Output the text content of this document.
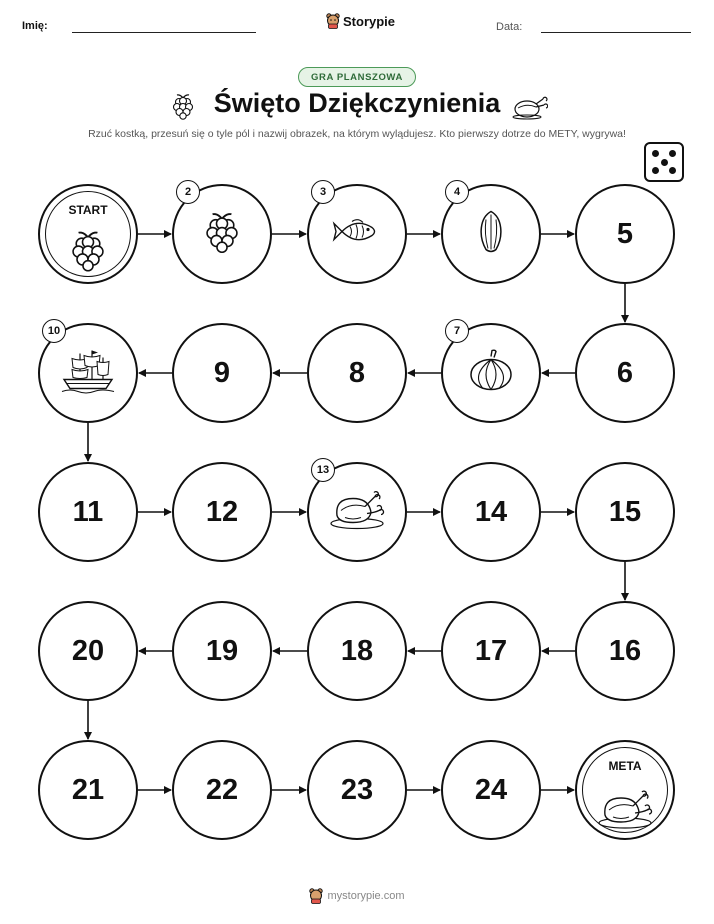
Imię:	Storypie	Data:
GRA PLANSZOWA
Święto Dziękczynienia
Rzuć kostką, przesuń się o tyle pól i nazwij obrazek, na którym wylądujesz. Kto pierwszy dotrze do METY, wygrywa!
START
2	3	4
5
6
7
8
9
10
11	12
13
14	15
16
17
18
19
20
21	22	23	24
META
mystorypie.com
